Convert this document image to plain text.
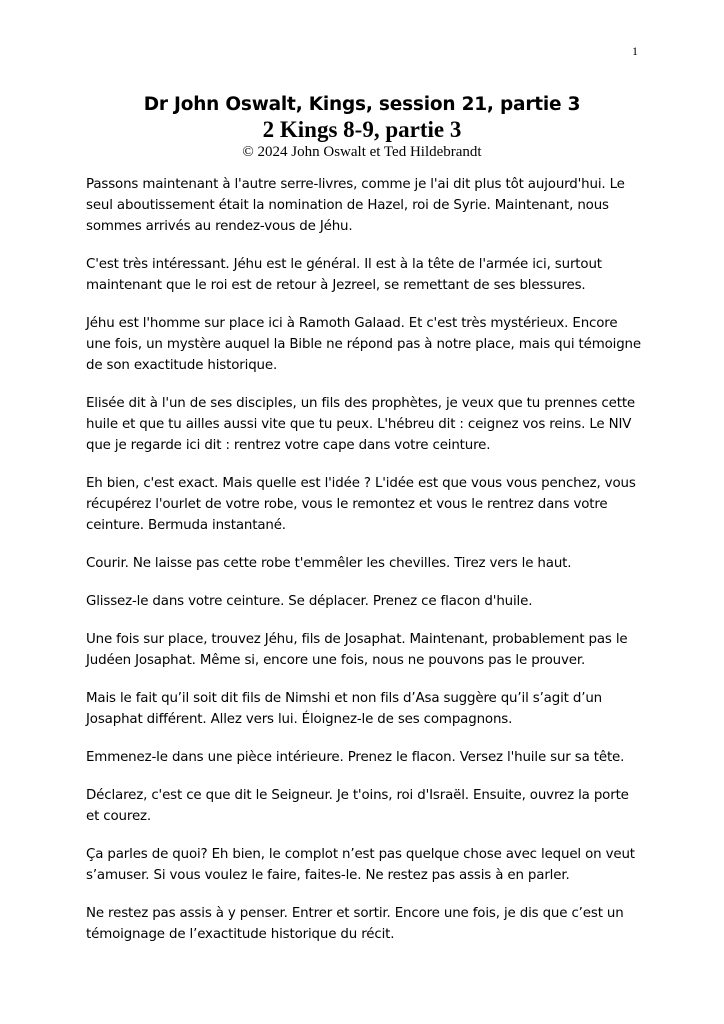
1

Dr John Oswalt, Kings, session 21, partie 3

2 Kings 8-9, partie 3

© 2024 John Oswalt et Ted Hildebrandt

Passons maintenant à l'autre serre-livres, comme je l'ai dit plus tôt aujourd'hui. Le seul aboutissement était la nomination de Hazel, roi de Syrie. Maintenant, nous sommes arrivés au rendez-vous de Jéhu.

C'est très intéressant. Jéhu est le général. Il est à la tête de l'armée ici, surtout maintenant que le roi est de retour à Jezreel, se remettant de ses blessures.

Jéhu est l'homme sur place ici à Ramoth Galaad. Et c'est très mystérieux. Encore une fois, un mystère auquel la Bible ne répond pas à notre place, mais qui témoigne de son exactitude historique.

Elisée dit à l'un de ses disciples, un fils des prophètes, je veux que tu prennes cette huile et que tu ailles aussi vite que tu peux. L'hébreu dit : ceignez vos reins. Le NIV que je regarde ici dit : rentrez votre cape dans votre ceinture.

Eh bien, c'est exact. Mais quelle est l'idée ? L'idée est que vous vous penchez, vous récupérez l'ourlet de votre robe, vous le remontez et vous le rentrez dans votre ceinture. Bermuda instantané.

Courir. Ne laisse pas cette robe t'emmêler les chevilles. Tirez vers le haut.

Glissez-le dans votre ceinture. Se déplacer. Prenez ce flacon d'huile.

Une fois sur place, trouvez Jéhu, fils de Josaphat. Maintenant, probablement pas le Judéen Josaphat. Même si, encore une fois, nous ne pouvons pas le prouver.

Mais le fait qu’il soit dit fils de Nimshi et non fils d’Asa suggère qu’il s’agit d’un Josaphat différent. Allez vers lui. Éloignez-le de ses compagnons.

Emmenez-le dans une pièce intérieure. Prenez le flacon. Versez l'huile sur sa tête.

Déclarez, c'est ce que dit le Seigneur. Je t'oins, roi d'Israël. Ensuite, ouvrez la porte et courez.

Ça parles de quoi? Eh bien, le complot n’est pas quelque chose avec lequel on veut s’amuser. Si vous voulez le faire, faites-le. Ne restez pas assis à en parler.

Ne restez pas assis à y penser. Entrer et sortir. Encore une fois, je dis que c’est un témoignage de l’exactitude historique du récit.
